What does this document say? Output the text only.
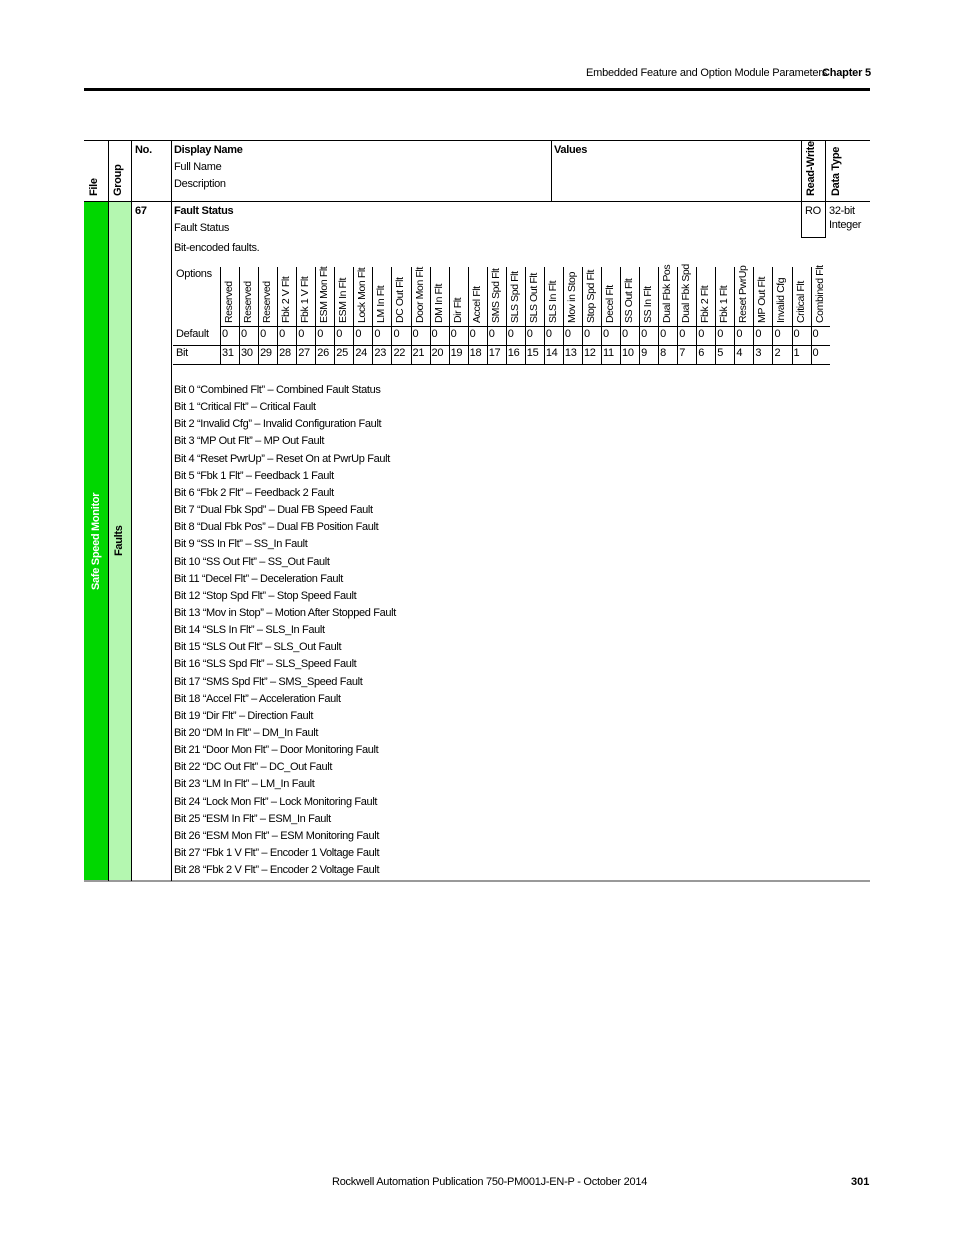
Embedded Feature and Option Module Parameters
Chapter 5
File Group
No. Display Name
Full Name
Description
Values	Read-Write Data Type
Safe Speed Monitor Faults
67 Fault Status
Fault Status
Bit-encoded faults.
RO 32-bit
Integer
Options
Default
Bit
Reserved
0
31
Reserved
0
30
Reserved
0
29
Fbk 2 V Flt
0
28
Fbk 1 V Flt
0
27
ESM Mon Flt
0
26
ESM In Flt
0
25
Lock Mon Flt
0
24
LM In Flt
0
23
DC Out Flt
0
22
Door Mon Flt
0
21
DM In Flt
0
20
Dir Flt
0
19
Accel Flt
0
18
SMS Spd Flt
0
17
SLS Spd Flt
0
16
SLS Out Flt
0
15
SLS In Flt
0
14
Mov in Stop
0
13
Stop Spd Flt
0
12
Decel Flt
0
11
SS Out Flt
0
10
SS In Flt
0
9
Dual Fbk Pos
0
8
Dual Fbk Spd
0
7
Fbk 2 Flt
0
6
Fbk 1 Flt
0
5
Reset PwrUp
0
4
MP Out Flt
0
3
Invalid Cfg
0
2
Critical Flt
0
1
Combined Flt
0
0
Bit 0 “Combined Flt” – Combined Fault Status
Bit 1 “Critical Flt” – Critical Fault
Bit 2 “Invalid Cfg” – Invalid Configuration Fault
Bit 3 “MP Out Flt” – MP Out Fault
Bit 4 “Reset PwrUp” – Reset On at PwrUp Fault
Bit 5 “Fbk 1 Flt” – Feedback 1 Fault
Bit 6 “Fbk 2 Flt” – Feedback 2 Fault
Bit 7 “Dual Fbk Spd” – Dual FB Speed Fault
Bit 8 “Dual Fbk Pos” – Dual FB Position Fault
Bit 9 “SS In Flt” – SS_In Fault
Bit 10 “SS Out Flt” – SS_Out Fault
Bit 11 “Decel Flt” – Deceleration Fault
Bit 12 “Stop Spd Flt” – Stop Speed Fault
Bit 13 “Mov in Stop” – Motion After Stopped Fault
Bit 14 “SLS In Flt” – SLS_In Fault
Bit 15 “SLS Out Flt” – SLS_Out Fault
Bit 16 “SLS Spd Flt” – SLS_Speed Fault
Bit 17 “SMS Spd Flt” – SMS_Speed Fault
Bit 18 “Accel Flt” – Acceleration Fault
Bit 19 “Dir Flt” – Direction Fault
Bit 20 “DM In Flt” – DM_In Fault
Bit 21 “Door Mon Flt” – Door Monitoring Fault
Bit 22 “DC Out Flt” – DC_Out Fault
Bit 23 “LM In Flt” – LM_In Fault
Bit 24 “Lock Mon Flt” – Lock Monitoring Fault
Bit 25 “ESM In Flt” – ESM_In Fault
Bit 26 “ESM Mon Flt” – ESM Monitoring Fault
Bit 27 “Fbk 1 V Flt” – Encoder 1 Voltage Fault
Bit 28 “Fbk 2 V Flt” – Encoder 2 Voltage Fault
Rockwell Automation Publication 750-PM001J-EN-P - October 2014	301
